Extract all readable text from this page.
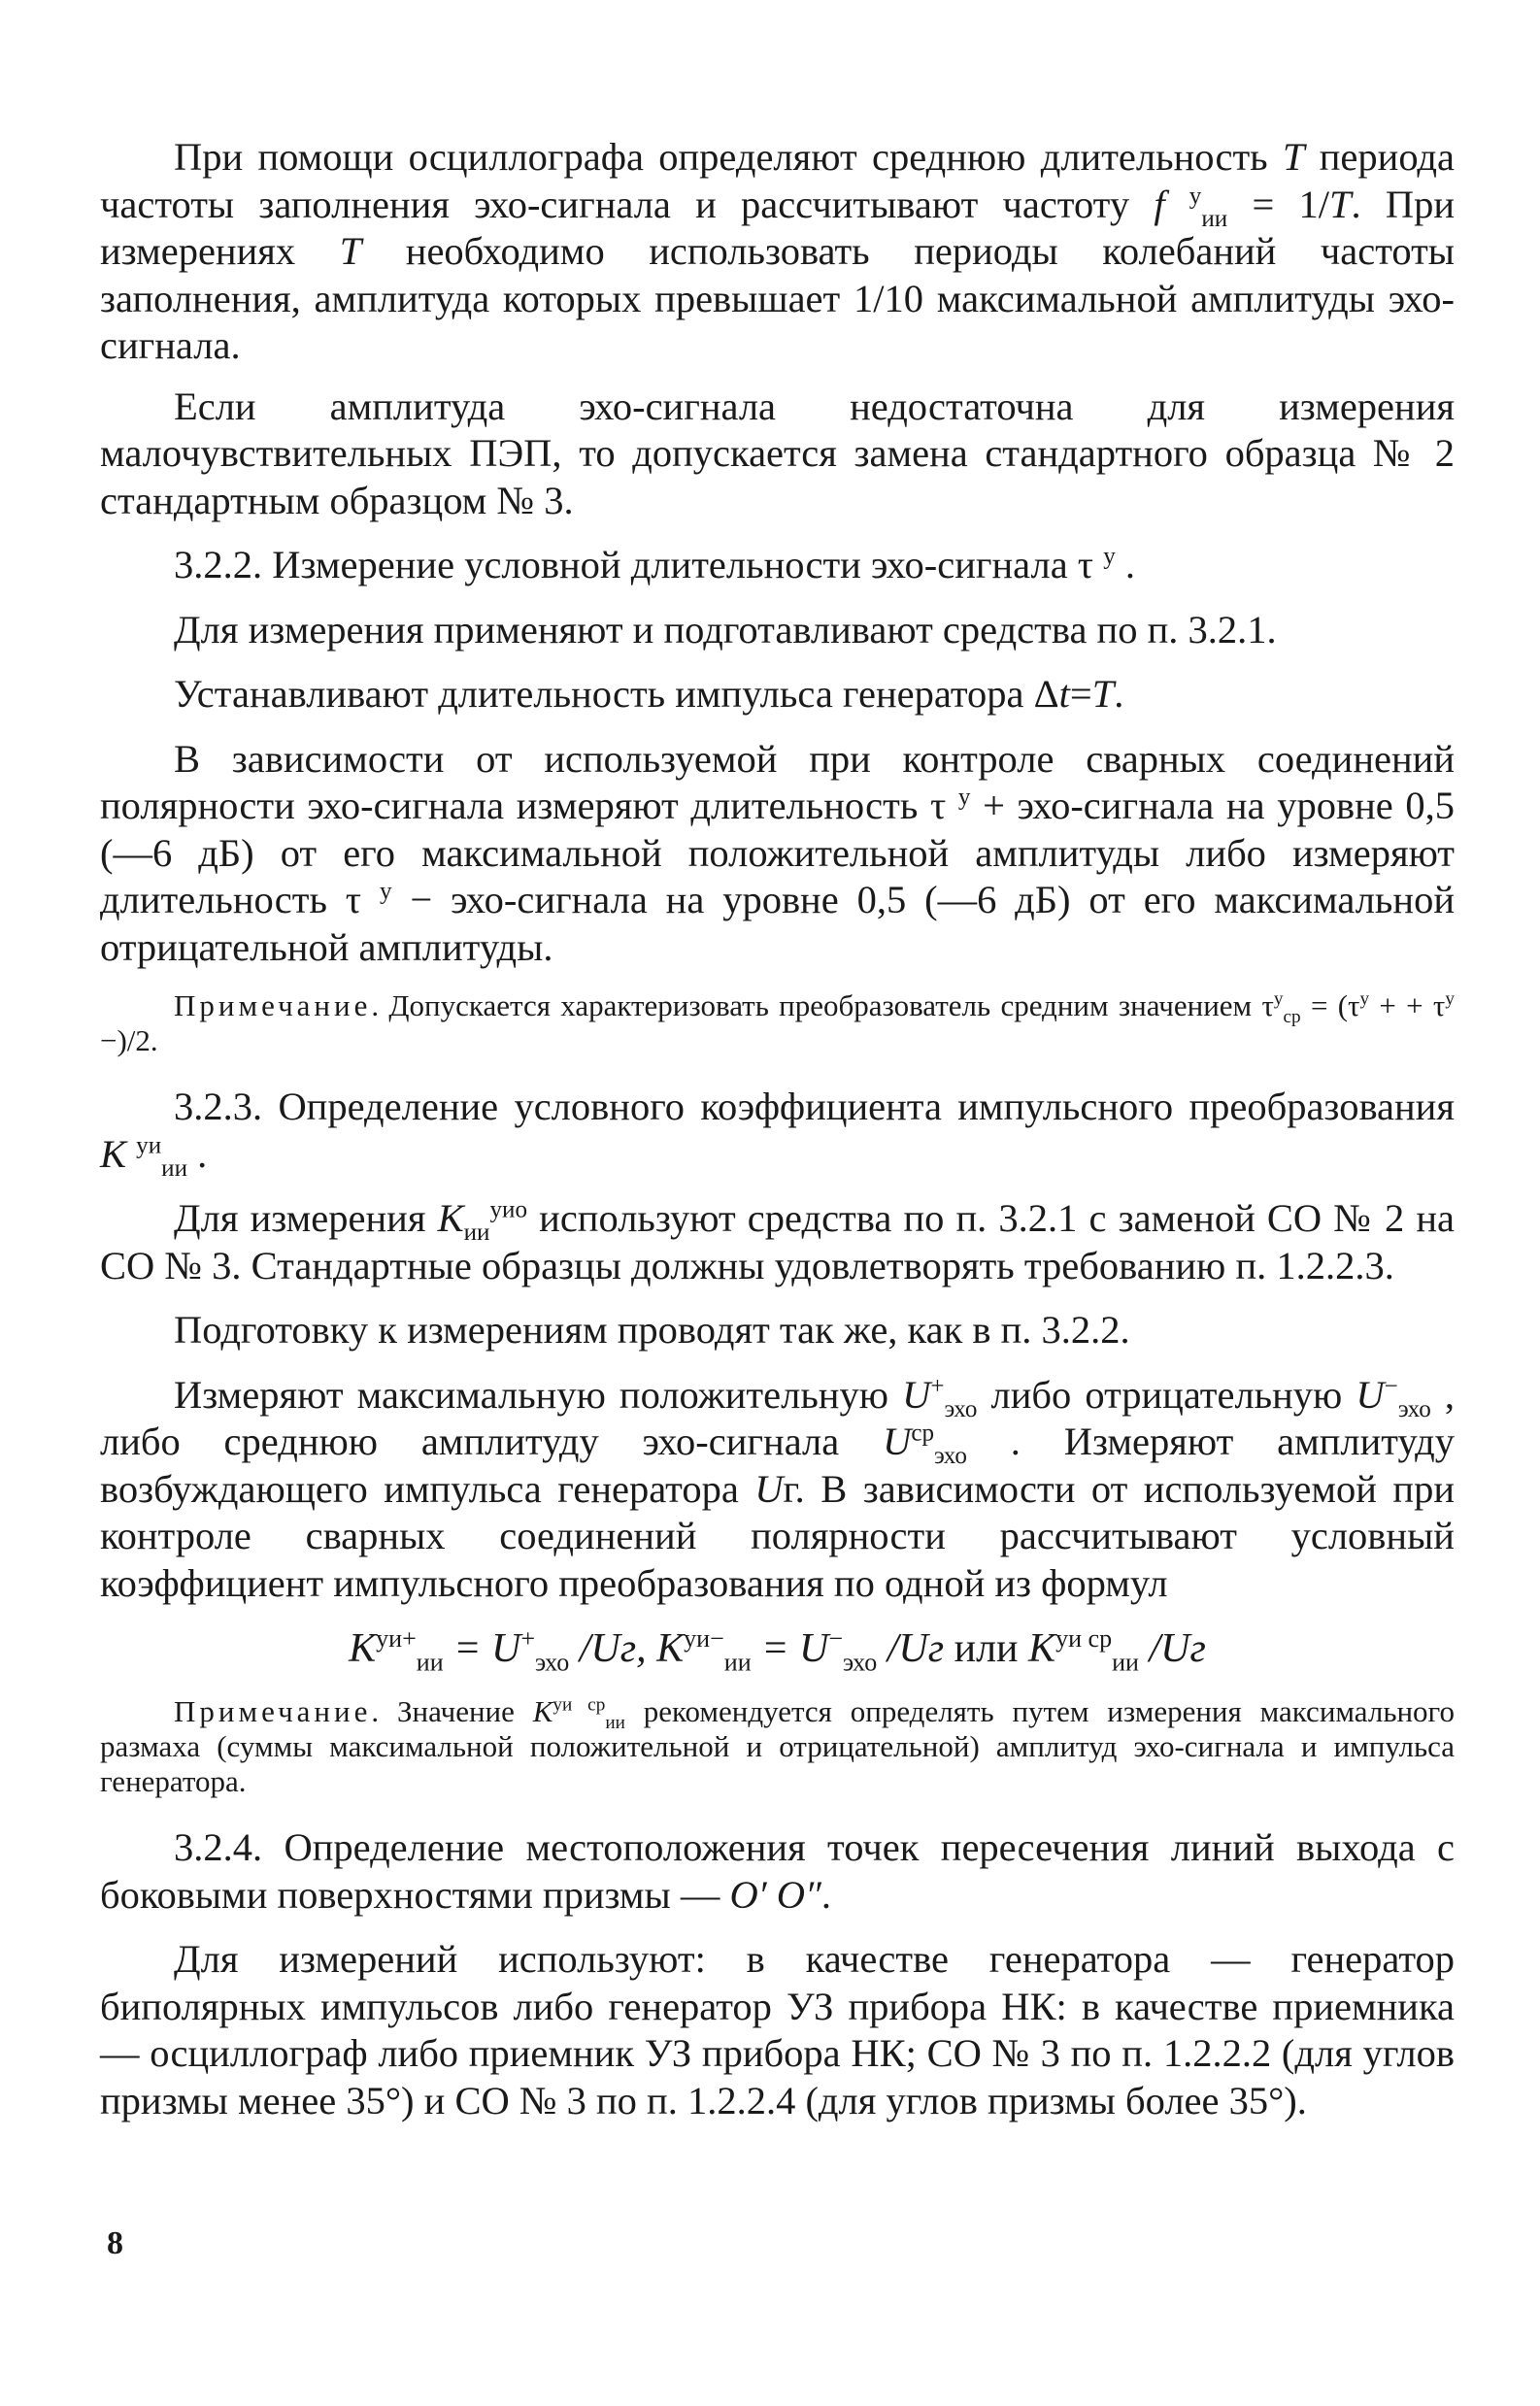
При помощи осциллографа определяют среднюю длительность T периода частоты заполнения эхо-сигнала и рассчитывают частоту f $^у_{ии}$ = 1/T. При измерениях T необходимо использовать периоды колебаний частоты заполнения, амплитуда которых превышает 1/10 максимальной амплитуды эхо-сигнала.

Если амплитуда эхо-сигнала недостаточна для измерения малочувствительных ПЭП, то допускается замена стандартного образца № 2 стандартным образцом № 3.

3.2.2. Измерение условной длительности эхо-сигнала τ $^у$ .

Для измерения применяют и подготавливают средства по п. 3.2.1.

Устанавливают длительность импульса генератора Δt=T.

В зависимости от используемой при контроле сварных соединений полярности эхо-сигнала измеряют длительность τ $^у$ + эхо-сигнала на уровне 0,5 (—6 дБ) от его максимальной положительной амплитуды либо измеряют длительность τ $^у$ − эхо-сигнала на уровне 0,5 (—6 дБ) от его максимальной отрицательной амплитуды.

Примечание. Допускается характеризовать преобразователь средним значением $\tau^у_{ср} = (\tau^у$ + + $\tau^у -)/2$.

3.2.3. Определение условного коэффициента импульсного преобразования K $^{уи}_{ии}$ .

Для измерения $K_{ии}^{уио}$ используют средства по п. 3.2.1 с заменой СО № 2 на СО № 3. Стандартные образцы должны удовлетворять требованию п. 1.2.2.3.

Подготовку к измерениям проводят так же, как в п. 3.2.2.

Измеряют максимальную положительную $U^+_{эхо}$ либо отрицательную $U^-_{эхо}$ , либо среднюю амплитуду эхо-сигнала $U^{ср}_{эхо}$ . Измеряют амплитуду возбуждающего импульса генератора Uг. В зависимости от используемой при контроле сварных соединений полярности рассчитывают условный коэффициент импульсного преобразования по одной из формул

$K^{уи+}_{ии} = U^+_{эхо}$ /Uг, $K^{уи-}_{ии} = U^-_{эхо}$ /Uг или $K^{уи ср}_{ии}$ /Uг

Примечание. Значение $K^{уи ср}_{ии}$ рекомендуется определять путем измерения максимального размаха (суммы максимальной положительной и отрицательной) амплитуд эхо-сигнала и импульса генератора.

3.2.4. Определение местоположения точек пересечения линий выхода с боковыми поверхностями призмы — O′ O″.

Для измерений используют: в качестве генератора — генератор биполярных импульсов либо генератор УЗ прибора НК: в качестве приемника — осциллограф либо приемник УЗ прибора НК; СО № 3 по п. 1.2.2.2 (для углов призмы менее 35°) и СО № 3 по п. 1.2.2.4 (для углов призмы более 35°).

8
